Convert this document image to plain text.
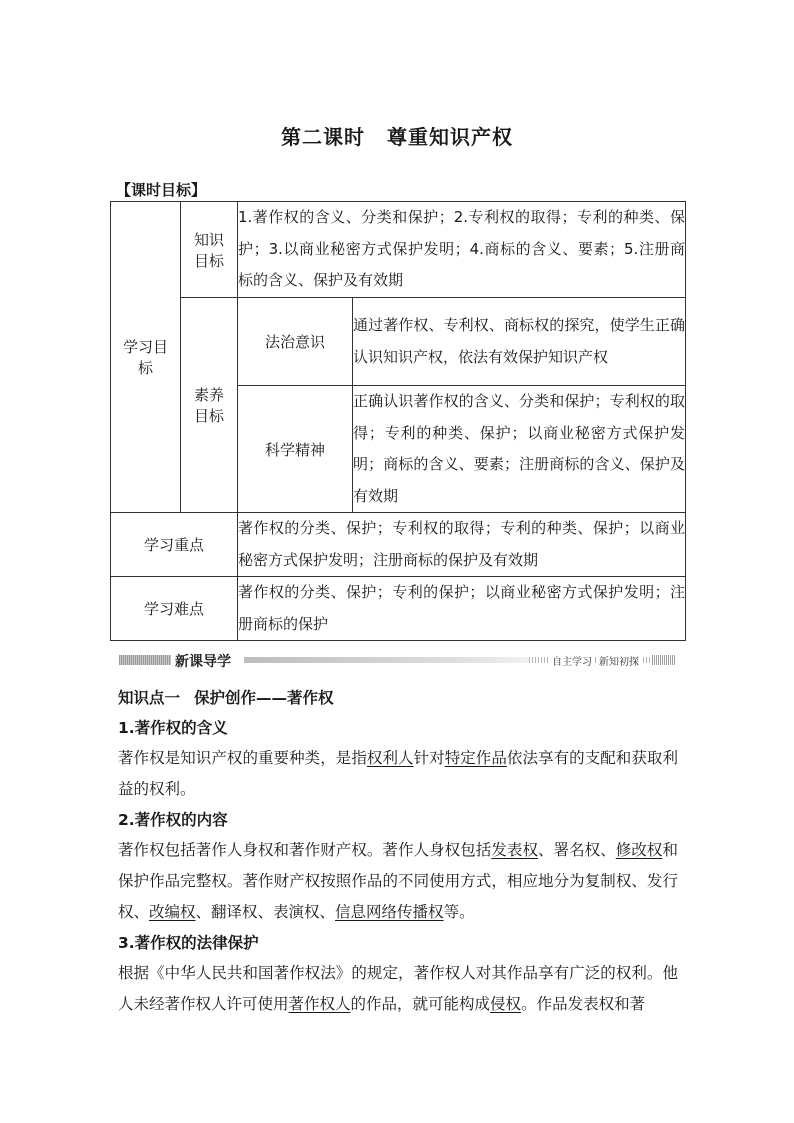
第二课时 尊重知识产权
【课时目标】
学习目标	知识目标	1.著作权的含义、分类和保护；2.专利权的取得；专利的种类、保护；3.以商业秘密方式保护发明；4.商标的含义、要素；5.注册商标的含义、保护及有效期	

	素养目标	法治意识	通过著作权、专利权、商标权的探究，使学生正确认识知识产权，依法有效保护知识产权
		科学精神	正确认识著作权的含义、分类和保护；专利权的取得；专利的种类、保护；以商业秘密方式保护发明；商标的含义、要素；注册商标的含义、保护及有效期
学习重点		著作权的分类、保护；专利权的取得；专利的种类、保护；以商业秘密方式保护发明；注册商标的保护及有效期	
学习难点		著作权的分类、保护；专利的保护；以商业秘密方式保护发明；注册商标的保护	
新课导学	自主学习 新知初探
知识点一 保护创作——著作权
1.著作权的含义
著作权是知识产权的重要种类，是指权利人针对特定作品依法享有的支配和获取利益的权利。
2.著作权的内容
著作权包括著作人身权和著作财产权。著作人身权包括发表权、署名权、修改权和保护作品完整权。著作财产权按照作品的不同使用方式，相应地分为复制权、发行权、改编权、翻译权、表演权、信息网络传播权等。
3.著作权的法律保护
根据《中华人民共和国著作权法》的规定，著作权人对其作品享有广泛的权利。他人未经著作权人许可使用著作权人的作品，就可能构成侵权。作品发表权和著
